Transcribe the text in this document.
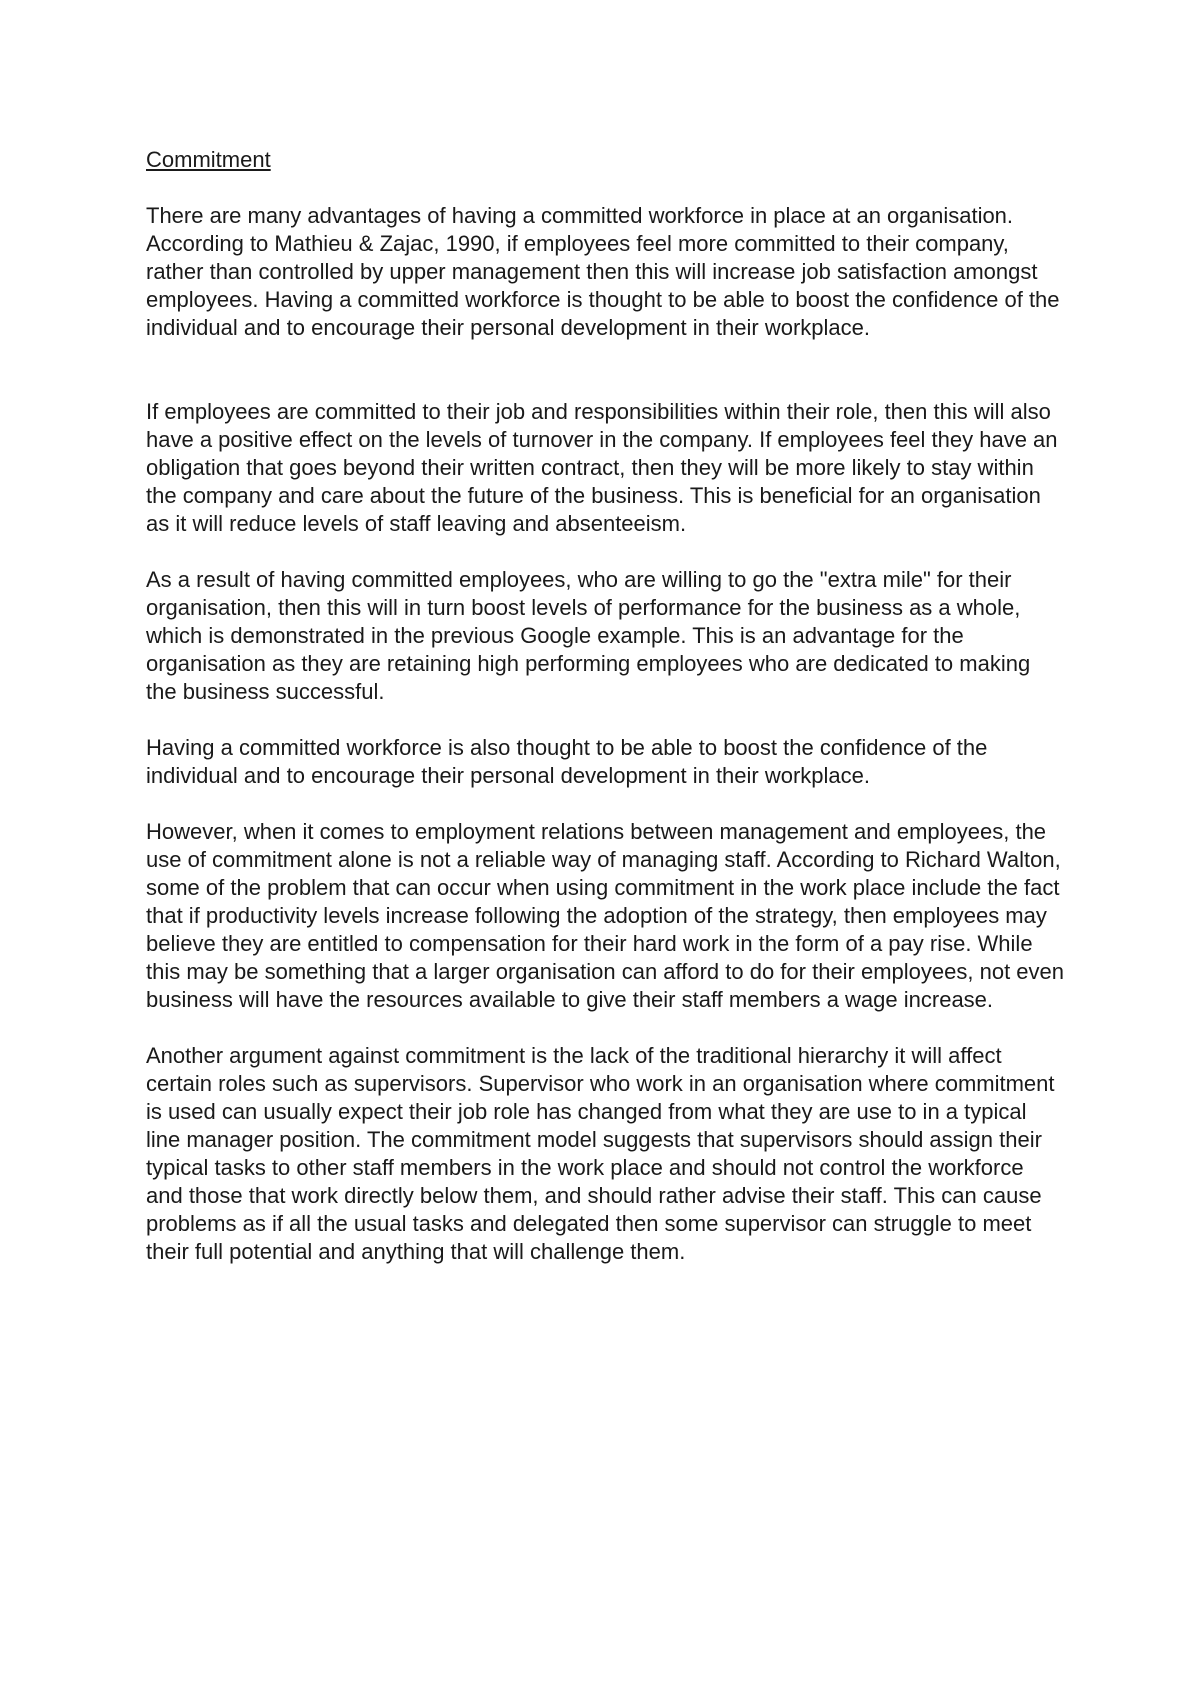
Commitment

There are many advantages of having a committed workforce in place at an organisation. According to Mathieu & Zajac, 1990, if employees feel more committed to their company, rather than controlled by upper management then this will increase job satisfaction amongst employees. Having a committed workforce is thought to be able to boost the confidence of the individual and to encourage their personal development in their workplace.

If employees are committed to their job and responsibilities within their role, then this will also have a positive effect on the levels of turnover in the company. If employees feel they have an obligation that goes beyond their written contract, then they will be more likely to stay within the company and care about the future of the business. This is beneficial for an organisation as it will reduce levels of staff leaving and absenteeism.

As a result of having committed employees, who are willing to go the "extra mile" for their organisation, then this will in turn boost levels of performance for the business as a whole, which is demonstrated in the previous Google example. This is an advantage for the organisation as they are retaining high performing employees who are dedicated to making the business successful.

Having a committed workforce is also thought to be able to boost the confidence of the individual and to encourage their personal development in their workplace.

However, when it comes to employment relations between management and employees, the use of commitment alone is not a reliable way of managing staff. According to Richard Walton, some of the problem that can occur when using commitment in the work place include the fact that if productivity levels increase following the adoption of the strategy, then employees may believe they are entitled to compensation for their hard work in the form of a pay rise. While this may be something that a larger organisation can afford to do for their employees, not even business will have the resources available to give their staff members a wage increase.

Another argument against commitment is the lack of the traditional hierarchy it will affect certain roles such as supervisors. Supervisor who work in an organisation where commitment is used can usually expect their job role has changed from what they are use to in a typical line manager position. The commitment model suggests that supervisors should assign their typical tasks to other staff members in the work place and should not control the workforce and those that work directly below them, and should rather advise their staff. This can cause problems as if all the usual tasks and delegated then some supervisor can struggle to meet their full potential and anything that will challenge them.
